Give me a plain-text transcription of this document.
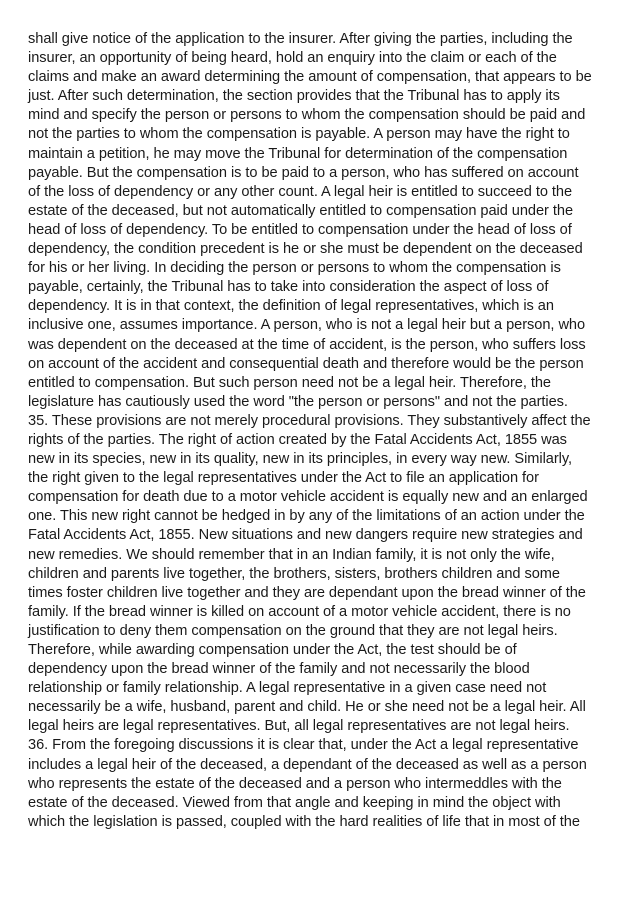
shall give notice of the application to the insurer. After giving the parties, including the
insurer, an opportunity of being heard, hold an enquiry into the claim or each of the
claims and make an award determining the amount of compensation, that appears to be
just. After such determination, the section provides that the Tribunal has to apply its
mind and specify the person or persons to whom the compensation should be paid and
not the parties to whom the compensation is payable. A person may have the right to
maintain a petition, he may move the Tribunal for determination of the compensation
payable. But the compensation is to be paid to a person, who has suffered on account
of the loss of dependency or any other count. A legal heir is entitled to succeed to the
estate of the deceased, but not automatically entitled to compensation paid under the
head of loss of dependency. To be entitled to compensation under the head of loss of
dependency, the condition precedent is he or she must be dependent on the deceased
for his or her living. In deciding the person or persons to whom the compensation is
payable, certainly, the Tribunal has to take into consideration the aspect of loss of
dependency. It is in that context, the definition of legal representatives, which is an
inclusive one, assumes importance. A person, who is not a legal heir but a person, who
was dependent on the deceased at the time of accident, is the person, who suffers loss
on account of the accident and consequential death and therefore would be the person
entitled to compensation. But such person need not be a legal heir. Therefore, the
legislature has cautiously used the word "the person or persons" and not the parties.
35. These provisions are not merely procedural provisions. They substantively affect the
rights of the parties. The right of action created by the Fatal Accidents Act, 1855 was
new in its species, new in its quality, new in its principles, in every way new. Similarly,
the right given to the legal representatives under the Act to file an application for
compensation for death due to a motor vehicle accident is equally new and an enlarged
one. This new right cannot be hedged in by any of the limitations of an action under the
Fatal Accidents Act, 1855. New situations and new dangers require new strategies and
new remedies. We should remember that in an Indian family, it is not only the wife,
children and parents live together, the brothers, sisters, brothers children and some
times foster children live together and they are dependant upon the bread winner of the
family. If the bread winner is killed on account of a motor vehicle accident, there is no
justification to deny them compensation on the ground that they are not legal heirs.
Therefore, while awarding compensation under the Act, the test should be of
dependency upon the bread winner of the family and not necessarily the blood
relationship or family relationship. A legal representative in a given case need not
necessarily be a wife, husband, parent and child. He or she need not be a legal heir. All
legal heirs are legal representatives. But, all legal representatives are not legal heirs.
36. From the foregoing discussions it is clear that, under the Act a legal representative
includes a legal heir of the deceased, a dependant of the deceased as well as a person
who represents the estate of the deceased and a person who intermeddles with the
estate of the deceased. Viewed from that angle and keeping in mind the object with
which the legislation is passed, coupled with the hard realities of life that in most of the
